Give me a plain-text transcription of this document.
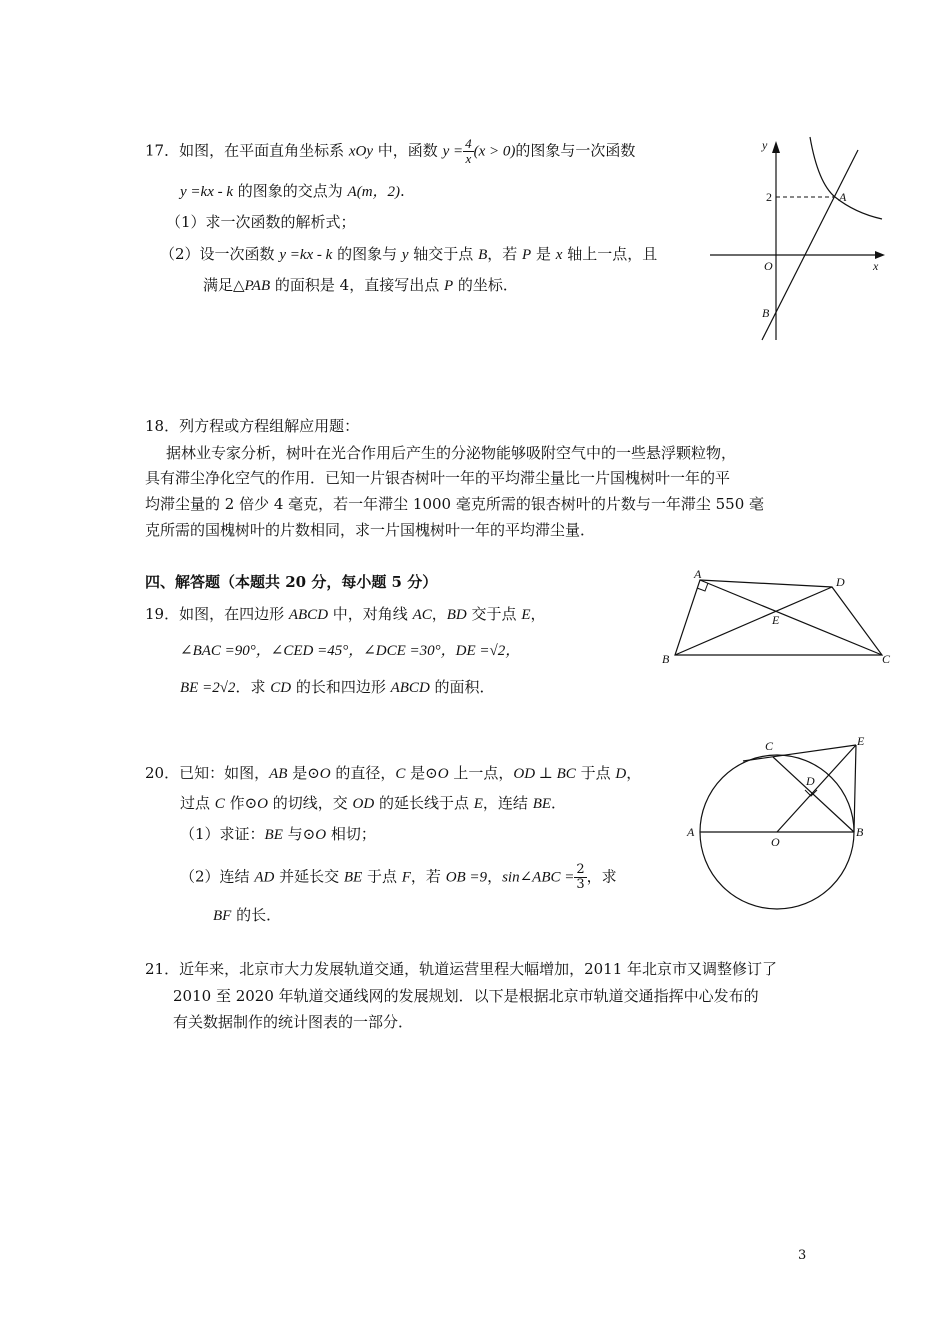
17．如图，在平面直角坐标系 xOy 中，函数 $y = \frac{4}{x} (x > 0)$的图象与一次函数
y =kx - k 的图象的交点为 A(m，2).
（1）求一次函数的解析式；
（2）设一次函数 y =kx - k 的图象与 y 轴交于点 B，若 P 是 x 轴上一点，且
满足△PAB 的面积是 4，直接写出点 P 的坐标．
y
x
O
A
B
2
18．列方程或方程组解应用题：
据林业专家分析，树叶在光合作用后产生的分泌物能够吸附空气中的一些悬浮颗粒物，
具有滞尘净化空气的作用．已知一片银杏树叶一年的平均滞尘量比一片国槐树叶一年的平
均滞尘量的 2 倍少 4 毫克，若一年滞尘 1000 毫克所需的银杏树叶的片数与一年滞尘 550 毫
克所需的国槐树叶的片数相同，求一片国槐树叶一年的平均滞尘量．
四、解答题（本题共 20 分，每小题 5 分）
19．如图，在四边形 ABCD 中，对角线 AC，BD 交于点 E，
∠BAC =90°，∠CED =45°，∠DCE =30°，DE =√2，
BE =2√2．求 CD 的长和四边形 ABCD 的面积．
A
D
E
B	C
20．已知：如图，AB 是⊙O 的直径，C 是⊙O 上一点，OD ⊥ BC 于点 D，
过点 C 作⊙O 的切线，交 OD 的延长线于点 E，连结 BE．
（1）求证：BE 与⊙O 相切；
（2）连结 AD 并延长交 BE 于点 F，若 OB =9，sin∠ABC = $\frac{2}{3}$ ，求
BF 的长．
C	E
D
A	B
O
21．近年来，北京市大力发展轨道交通，轨道运营里程大幅增加，2011 年北京市又调整修订了
2010 至 2020 年轨道交通线网的发展规划．以下是根据北京市轨道交通指挥中心发布的
有关数据制作的统计图表的一部分．
3
